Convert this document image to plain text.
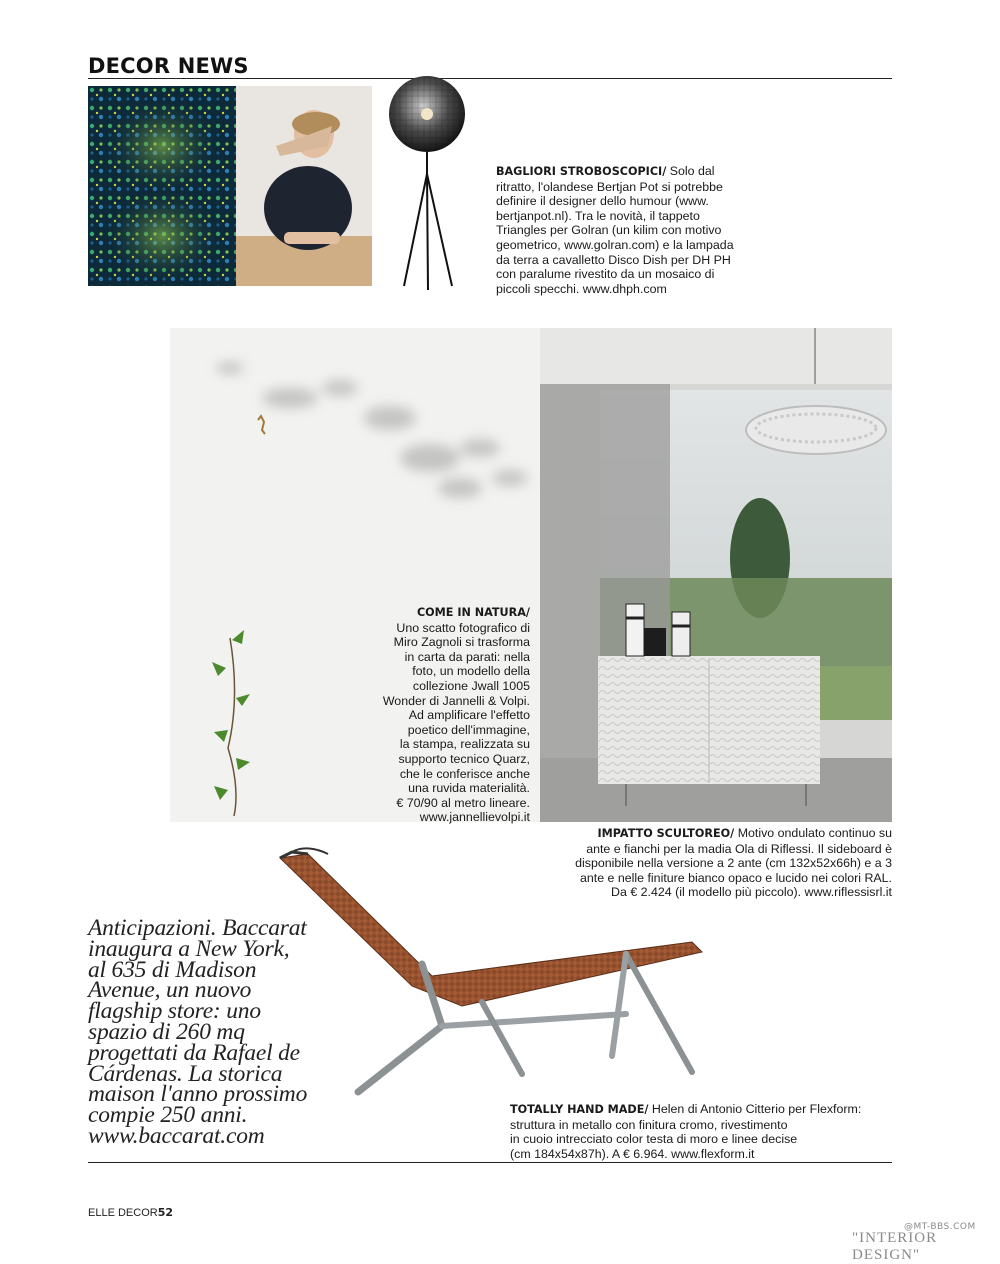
DECOR NEWS
BAGLIORI STROBOSCOPICI/ Solo dal
ritratto, l'olandese Bertjan Pot si potrebbe
definire il designer dello humour (www.
bertjanpot.nl). Tra le novità, il tappeto
Triangles per Golran (un kilim con motivo
geometrico, www.golran.com) e la lampada
da terra a cavalletto Disco Dish per DH PH
con paralume rivestito da un mosaico di
piccoli specchi. www.dhph.com
COME IN NATURA/
Uno scatto fotografico di
Miro Zagnoli si trasforma
in carta da parati: nella
foto, un modello della
collezione Jwall 1005
Wonder di Jannelli & Volpi.
Ad amplificare l'effetto
poetico dell'immagine,
la stampa, realizzata su
supporto tecnico Quarz,
che le conferisce anche
una ruvida materialità.
€ 70/90 al metro lineare.
www.jannellievolpi.it
IMPATTO SCULTOREO/ Motivo ondulato continuo su
ante e fianchi per la madia Ola di Riflessi. Il sideboard è
disponibile nella versione a 2 ante (cm 132x52x66h) e a 3
ante e nelle finiture bianco opaco e lucido nei colori RAL.
Da € 2.424 (il modello più piccolo). www.riflessisrl.it
Anticipazioni. Baccarat
inaugura a New York,
al 635 di Madison
Avenue, un nuovo
flagship store: uno
spazio di 260 mq
progettati da Rafael de
Cárdenas. La storica
maison l'anno prossimo
compie 250 anni.
www.baccarat.com
TOTALLY HAND MADE/ Helen di Antonio Citterio per Flexform:
struttura in metallo con finitura cromo, rivestimento
in cuoio intrecciato color testa di moro e linee decise
(cm 184x54x87h). A € 6.964. www.flexform.it
ELLE DECOR52
@MT-BBS.COM
"INTERIOR DESIGN"
